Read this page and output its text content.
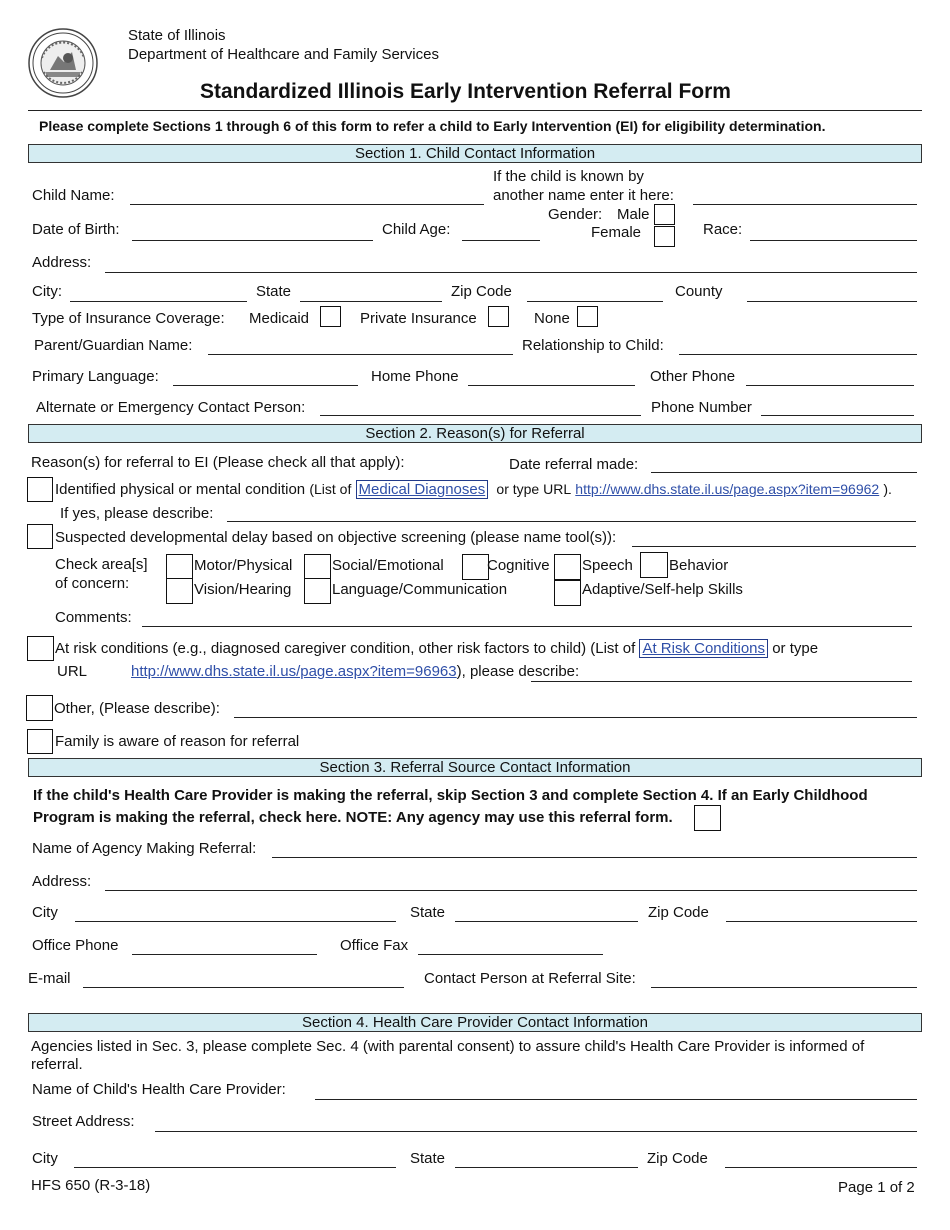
State of Illinois
Department of Healthcare and Family Services
Standardized Illinois Early Intervention Referral Form
Please complete Sections 1 through 6 of this form to refer a child to Early Intervention (EI) for eligibility determination.
Section 1. Child Contact Information
Child Name:
If the child is known by
another name enter it here:
Date of Birth:	Child Age:
Gender: Male
Female	Race:
Address:
City:	State	Zip Code	County
Type of Insurance Coverage: Medicaid	Private Insurance	None
Parent/Guardian Name:	Relationship to Child:
Primary Language:	Home Phone	Other Phone
Alternate or Emergency Contact Person:	Phone Number
Section 2. Reason(s) for Referral
Reason(s) for referral to EI (Please check all that apply):	Date referral made:
Identified physical or mental condition (List of Medical Diagnoses or type URL http://www.dhs.state.il.us/page.aspx?item=96962 ).
If yes, please describe:
Suspected developmental delay based on objective screening (please name tool(s)):
Check area[s]
of concern:
Motor/Physical	Social/Emotional	Cognitive Speech Behavior
Vision/Hearing	Language/Communication	Adaptive/Self-help Skills
Comments:
At risk conditions (e.g., diagnosed caregiver condition, other risk factors to child) (List of At Risk Conditions or type
URL	http://www.dhs.state.il.us/page.aspx?item=96963), please describe:
Other, (Please describe):
Family is aware of reason for referral
Section 3. Referral Source Contact Information
If the child's Health Care Provider is making the referral, skip Section 3 and complete Section 4. If an Early Childhood
Program is making the referral, check here. NOTE: Any agency may use this referral form.
Name of Agency Making Referral:
Address:
City	State	Zip Code
Office Phone	Office Fax
E-mail	Contact Person at Referral Site:
Section 4. Health Care Provider Contact Information
Agencies listed in Sec. 3, please complete Sec. 4 (with parental consent) to assure child's Health Care Provider is informed of
referral.
Name of Child's Health Care Provider:
Street Address:
City	State	Zip Code
HFS 650 (R-3-18)	Page 1 of 2
